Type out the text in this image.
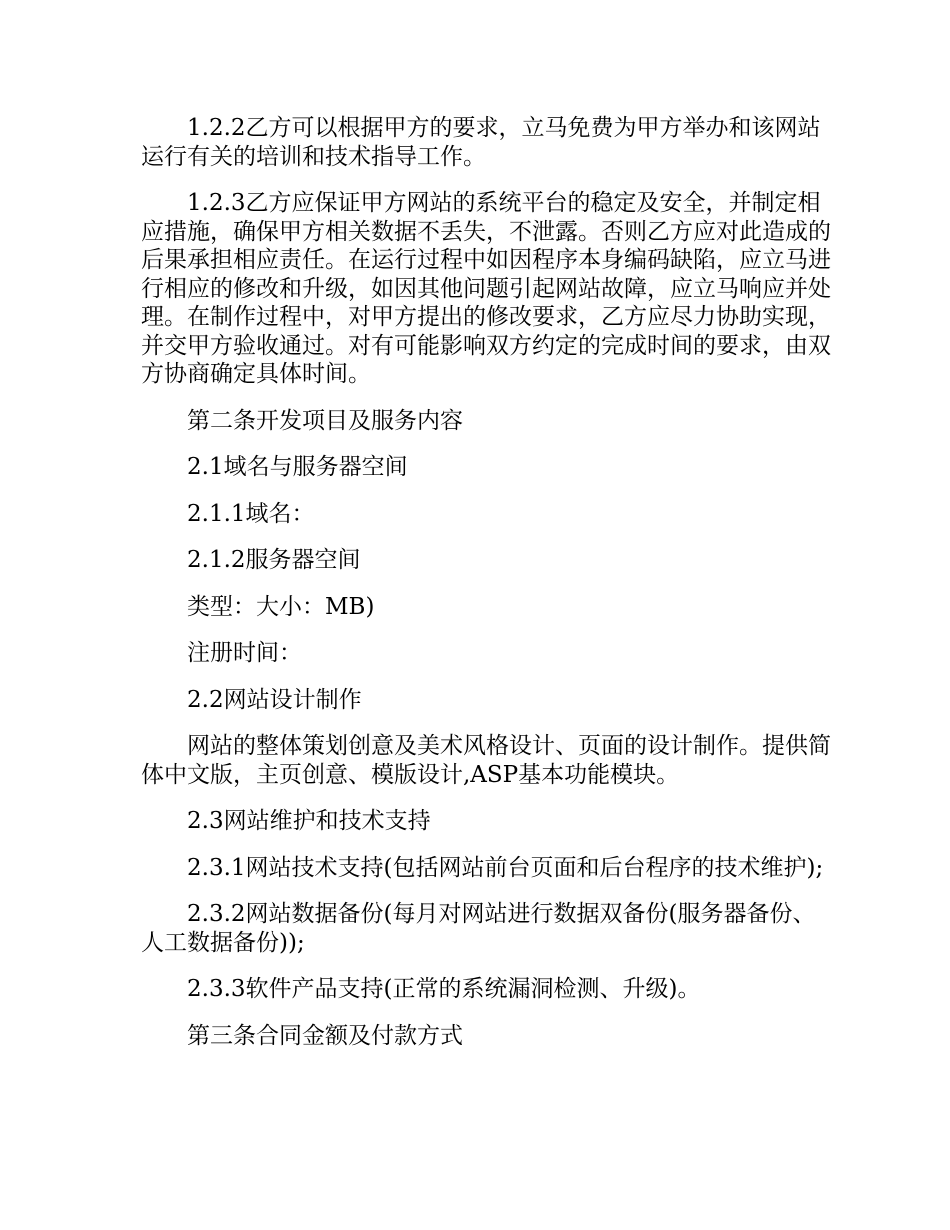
1.2.2乙方可以根据甲方的要求，立马免费为甲方举办和该网站运行有关的培训和技术指导工作。

1.2.3乙方应保证甲方网站的系统平台的稳定及安全，并制定相应措施，确保甲方相关数据不丢失，不泄露。否则乙方应对此造成的后果承担相应责任。在运行过程中如因程序本身编码缺陷，应立马进行相应的修改和升级，如因其他问题引起网站故障，应立马响应并处理。在制作过程中，对甲方提出的修改要求，乙方应尽力协助实现，并交甲方验收通过。对有可能影响双方约定的完成时间的要求，由双方协商确定具体时间。

第二条开发项目及服务内容

2.1域名与服务器空间

2.1.1域名：

2.1.2服务器空间

类型：大小：MB)

注册时间：

2.2网站设计制作

网站的整体策划创意及美术风格设计、页面的设计制作。提供简体中文版，主页创意、模版设计,ASP基本功能模块。

2.3网站维护和技术支持

2.3.1网站技术支持(包括网站前台页面和后台程序的技术维护);

2.3.2网站数据备份(每月对网站进行数据双备份(服务器备份、人工数据备份));

2.3.3软件产品支持(正常的系统漏洞检测、升级)。

第三条合同金额及付款方式
